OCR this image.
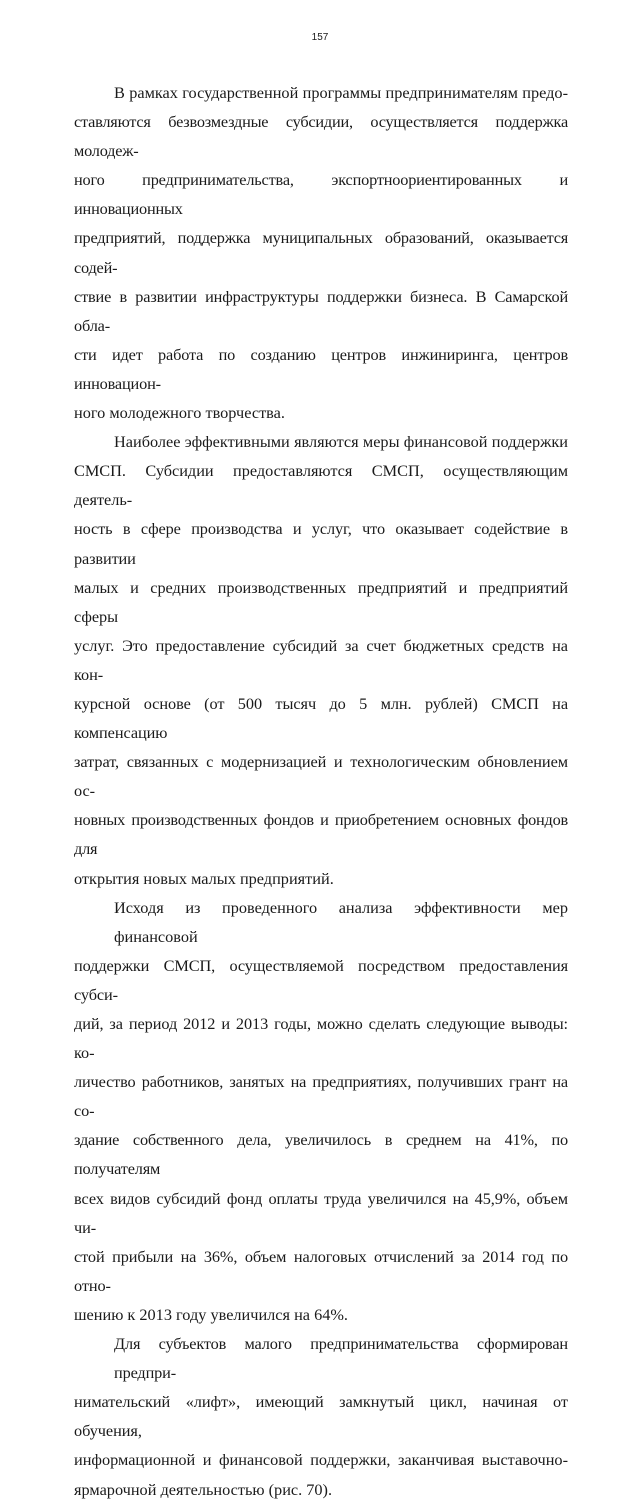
157

В рамках государственной программы предпринимателям предо-
ставляются безвозмездные субсидии, осуществляется поддержка молодеж-
ного предпринимательства, экспортноориентированных и инновационных
предприятий, поддержка муниципальных образований, оказывается содей-
ствие в развитии инфраструктуры поддержки бизнеса. В Самарской обла-
сти идет работа по созданию центров инжиниринга, центров инновацион-
ного молодежного творчества.

Наиболее эффективными являются меры финансовой поддержки
СМСП. Субсидии предоставляются СМСП, осуществляющим деятель-
ность в сфере производства и услуг, что оказывает содействие в развитии
малых и средних производственных предприятий и предприятий сферы
услуг. Это предоставление субсидий за счет бюджетных средств на кон-
курсной основе (от 500 тысяч до 5 млн. рублей) СМСП на компенсацию
затрат, связанных с модернизацией и технологическим обновлением ос-
новных производственных фондов и приобретением основных фондов для
открытия новых малых предприятий.

Исходя из проведенного анализа эффективности мер финансовой
поддержки СМСП, осуществляемой посредством предоставления субси-
дий, за период 2012 и 2013 годы, можно сделать следующие выводы: ко-
личество работников, занятых на предприятиях, получивших грант на со-
здание собственного дела, увеличилось в среднем на 41%, по получателям
всех видов субсидий фонд оплаты труда увеличился на 45,9%, объем чи-
стой прибыли на 36%, объем налоговых отчислений за 2014 год по отно-
шению к 2013 году увеличился на 64%.

Для субъектов малого предпринимательства сформирован предпри-
нимательский «лифт», имеющий замкнутый цикл, начиная от обучения,
информационной и финансовой поддержки, заканчивая выставочно-
ярмарочной деятельностью (рис. 70).
